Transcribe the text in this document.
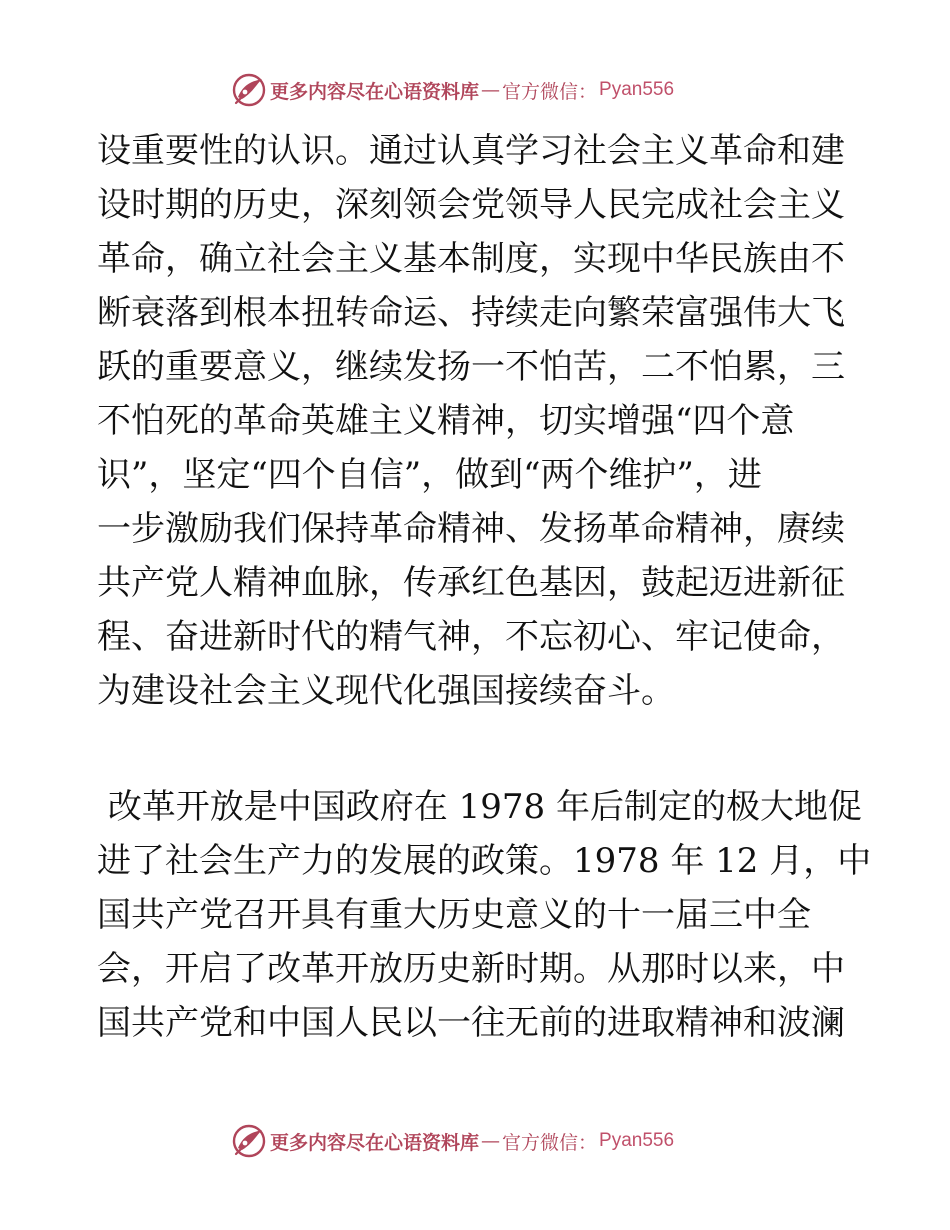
更多内容尽在心语资料库 — 官方微信： Pyan556
设重要性的认识。通过认真学习社会主义革命和建
设时期的历史，深刻领会党领导人民完成社会主义
革命，确立社会主义基本制度，实现中华民族由不
断衰落到根本扭转命运、持续走向繁荣富强伟大飞
跃的重要意义，继续发扬一不怕苦，二不怕累，三
不怕死的革命英雄主义精神，切实增强“四个意
识”，坚定“四个自信”，做到“两个维护”，进
一步激励我们保持革命精神、发扬革命精神，赓续
共产党人精神血脉，传承红色基因，鼓起迈进新征
程、奋进新时代的精气神，不忘初心、牢记使命，
为建设社会主义现代化强国接续奋斗。
改革开放是中国政府在 1978 年后制定的极大地促
进了社会生产力的发展的政策。1978 年 12 月，中
国共产党召开具有重大历史意义的十一届三中全
会，开启了改革开放历史新时期。从那时以来，中
国共产党和中国人民以一往无前的进取精神和波澜
更多内容尽在心语资料库 — 官方微信： Pyan556
